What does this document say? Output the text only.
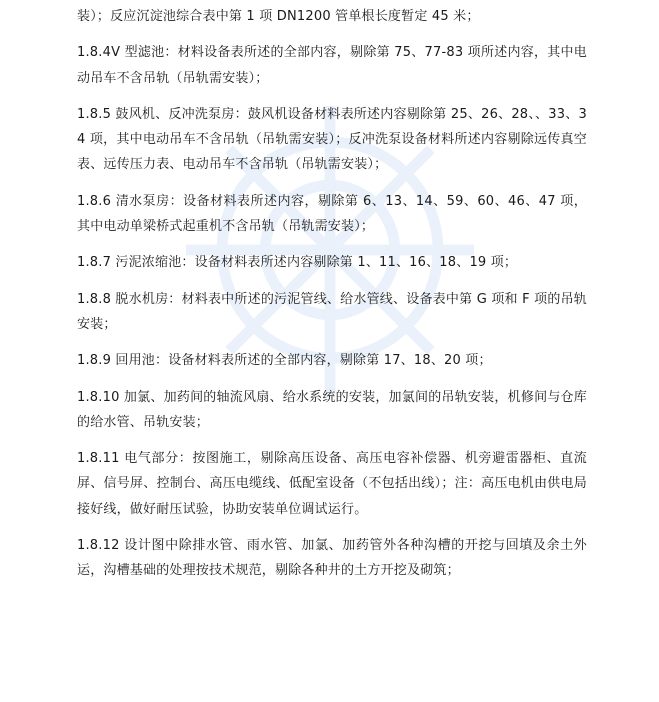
装）；反应沉淀池综合表中第 1 项 DN1200 管单根长度暂定 45 米；

1.8.4V 型滤池：材料设备表所述的全部内容，剔除第 75、77-83 项所述内容，其中电动吊车不含吊轨（吊轨需安装）；

1.8.5 鼓风机、反冲洗泵房：鼓风机设备材料表所述内容剔除第 25、26、28、、33、34 项，其中电动吊车不含吊轨（吊轨需安装）；反冲洗泵设备材料所述内容剔除远传真空表、远传压力表、电动吊车不含吊轨（吊轨需安装）；

1.8.6 清水泵房：设备材料表所述内容，剔除第 6、13、14、59、60、46、47 项，其中电动单梁桥式起重机不含吊轨（吊轨需安装）；

1.8.7 污泥浓缩池：设备材料表所述内容剔除第 1、11、16、18、19 项；

1.8.8 脱水机房：材料表中所述的污泥管线、给水管线、设备表中第 G 项和 F 项的吊轨安装；

1.8.9 回用池：设备材料表所述的全部内容，剔除第 17、18、20 项；

1.8.10 加氯、加药间的轴流风扇、给水系统的安装，加氯间的吊轨安装，机修间与仓库的给水管、吊轨安装；

1.8.11 电气部分：按图施工，剔除高压设备、高压电容补偿器、机旁避雷器柜、直流屏、信号屏、控制台、高压电缆线、低配室设备（不包括出线）；注：高压电机由供电局接好线，做好耐压试验，协助安装单位调试运行。

1.8.12 设计图中除排水管、雨水管、加氯、加药管外各种沟槽的开挖与回填及余土外运，沟槽基础的处理按技术规范，剔除各种井的土方开挖及砌筑；
